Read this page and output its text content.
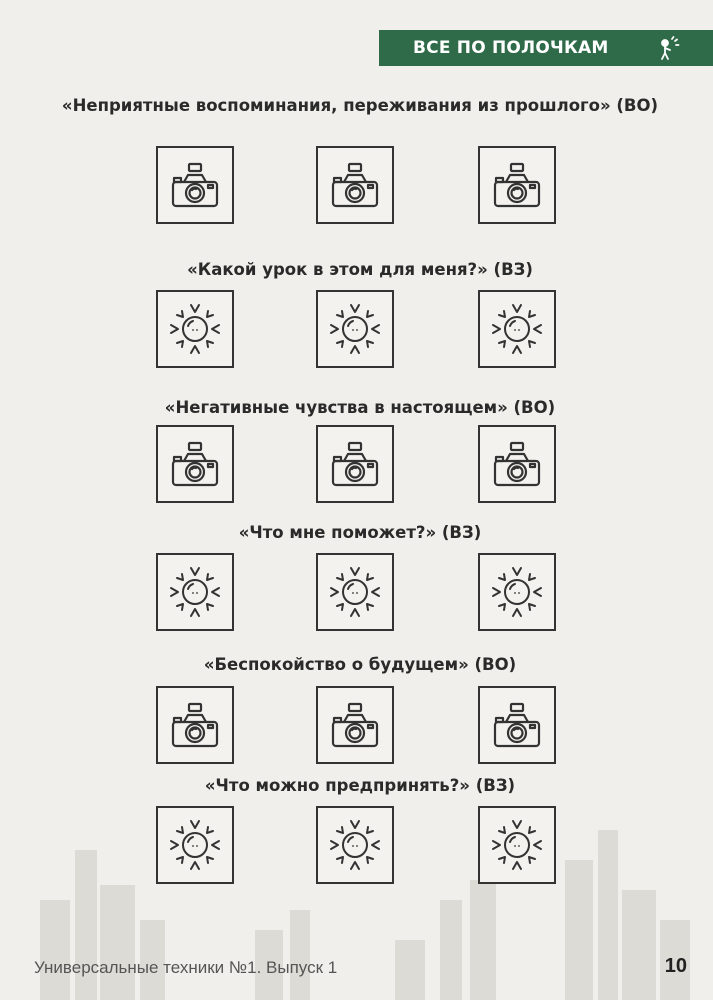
ВСЕ ПО ПОЛОЧКАМ
«Неприятные воспоминания, переживания из прошлого» (ВО)
«Какой урок в этом для меня?» (ВЗ)
«Негативные чувства в настоящем» (ВО)
«Что мне поможет?» (ВЗ)
«Беспокойство о будущем» (ВО)
«Что можно предпринять?» (ВЗ)
Универсальные техники №1. Выпуск 1	10
